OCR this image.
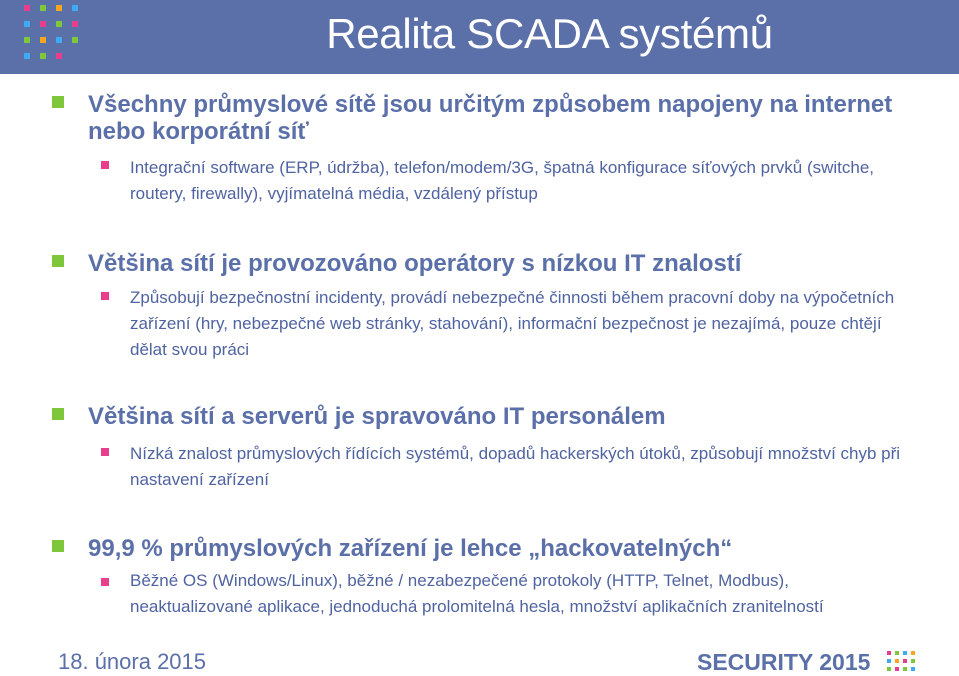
Realita SCADA systémů
Všechny průmyslové sítě jsou určitým způsobem napojeny na internet nebo korporátní síť
Integrační software (ERP, údržba), telefon/modem/3G, špatná konfigurace síťových prvků (switche, routery, firewally), vyjímatelná média, vzdálený přístup
Většina sítí je provozováno operátory s nízkou IT znalostí
Způsobují bezpečnostní incidenty, provádí nebezpečné činnosti během pracovní doby na výpočetních zařízení (hry, nebezpečné web stránky, stahování), informační bezpečnost je nezajímá, pouze chtějí dělat svou práci
Většina sítí a serverů je spravováno IT personálem
Nízká znalost průmyslových řídících systémů, dopadů hackerských útoků, způsobují množství chyb při nastavení zařízení
99,9 % průmyslových zařízení je lehce „hackovatelných“
Běžné OS (Windows/Linux), běžné / nezabezpečené protokoly (HTTP, Telnet, Modbus), neaktualizované aplikace, jednoduchá prolomitelná hesla, množství aplikačních zranitelností
18. února 2015	SECURITY 2015
